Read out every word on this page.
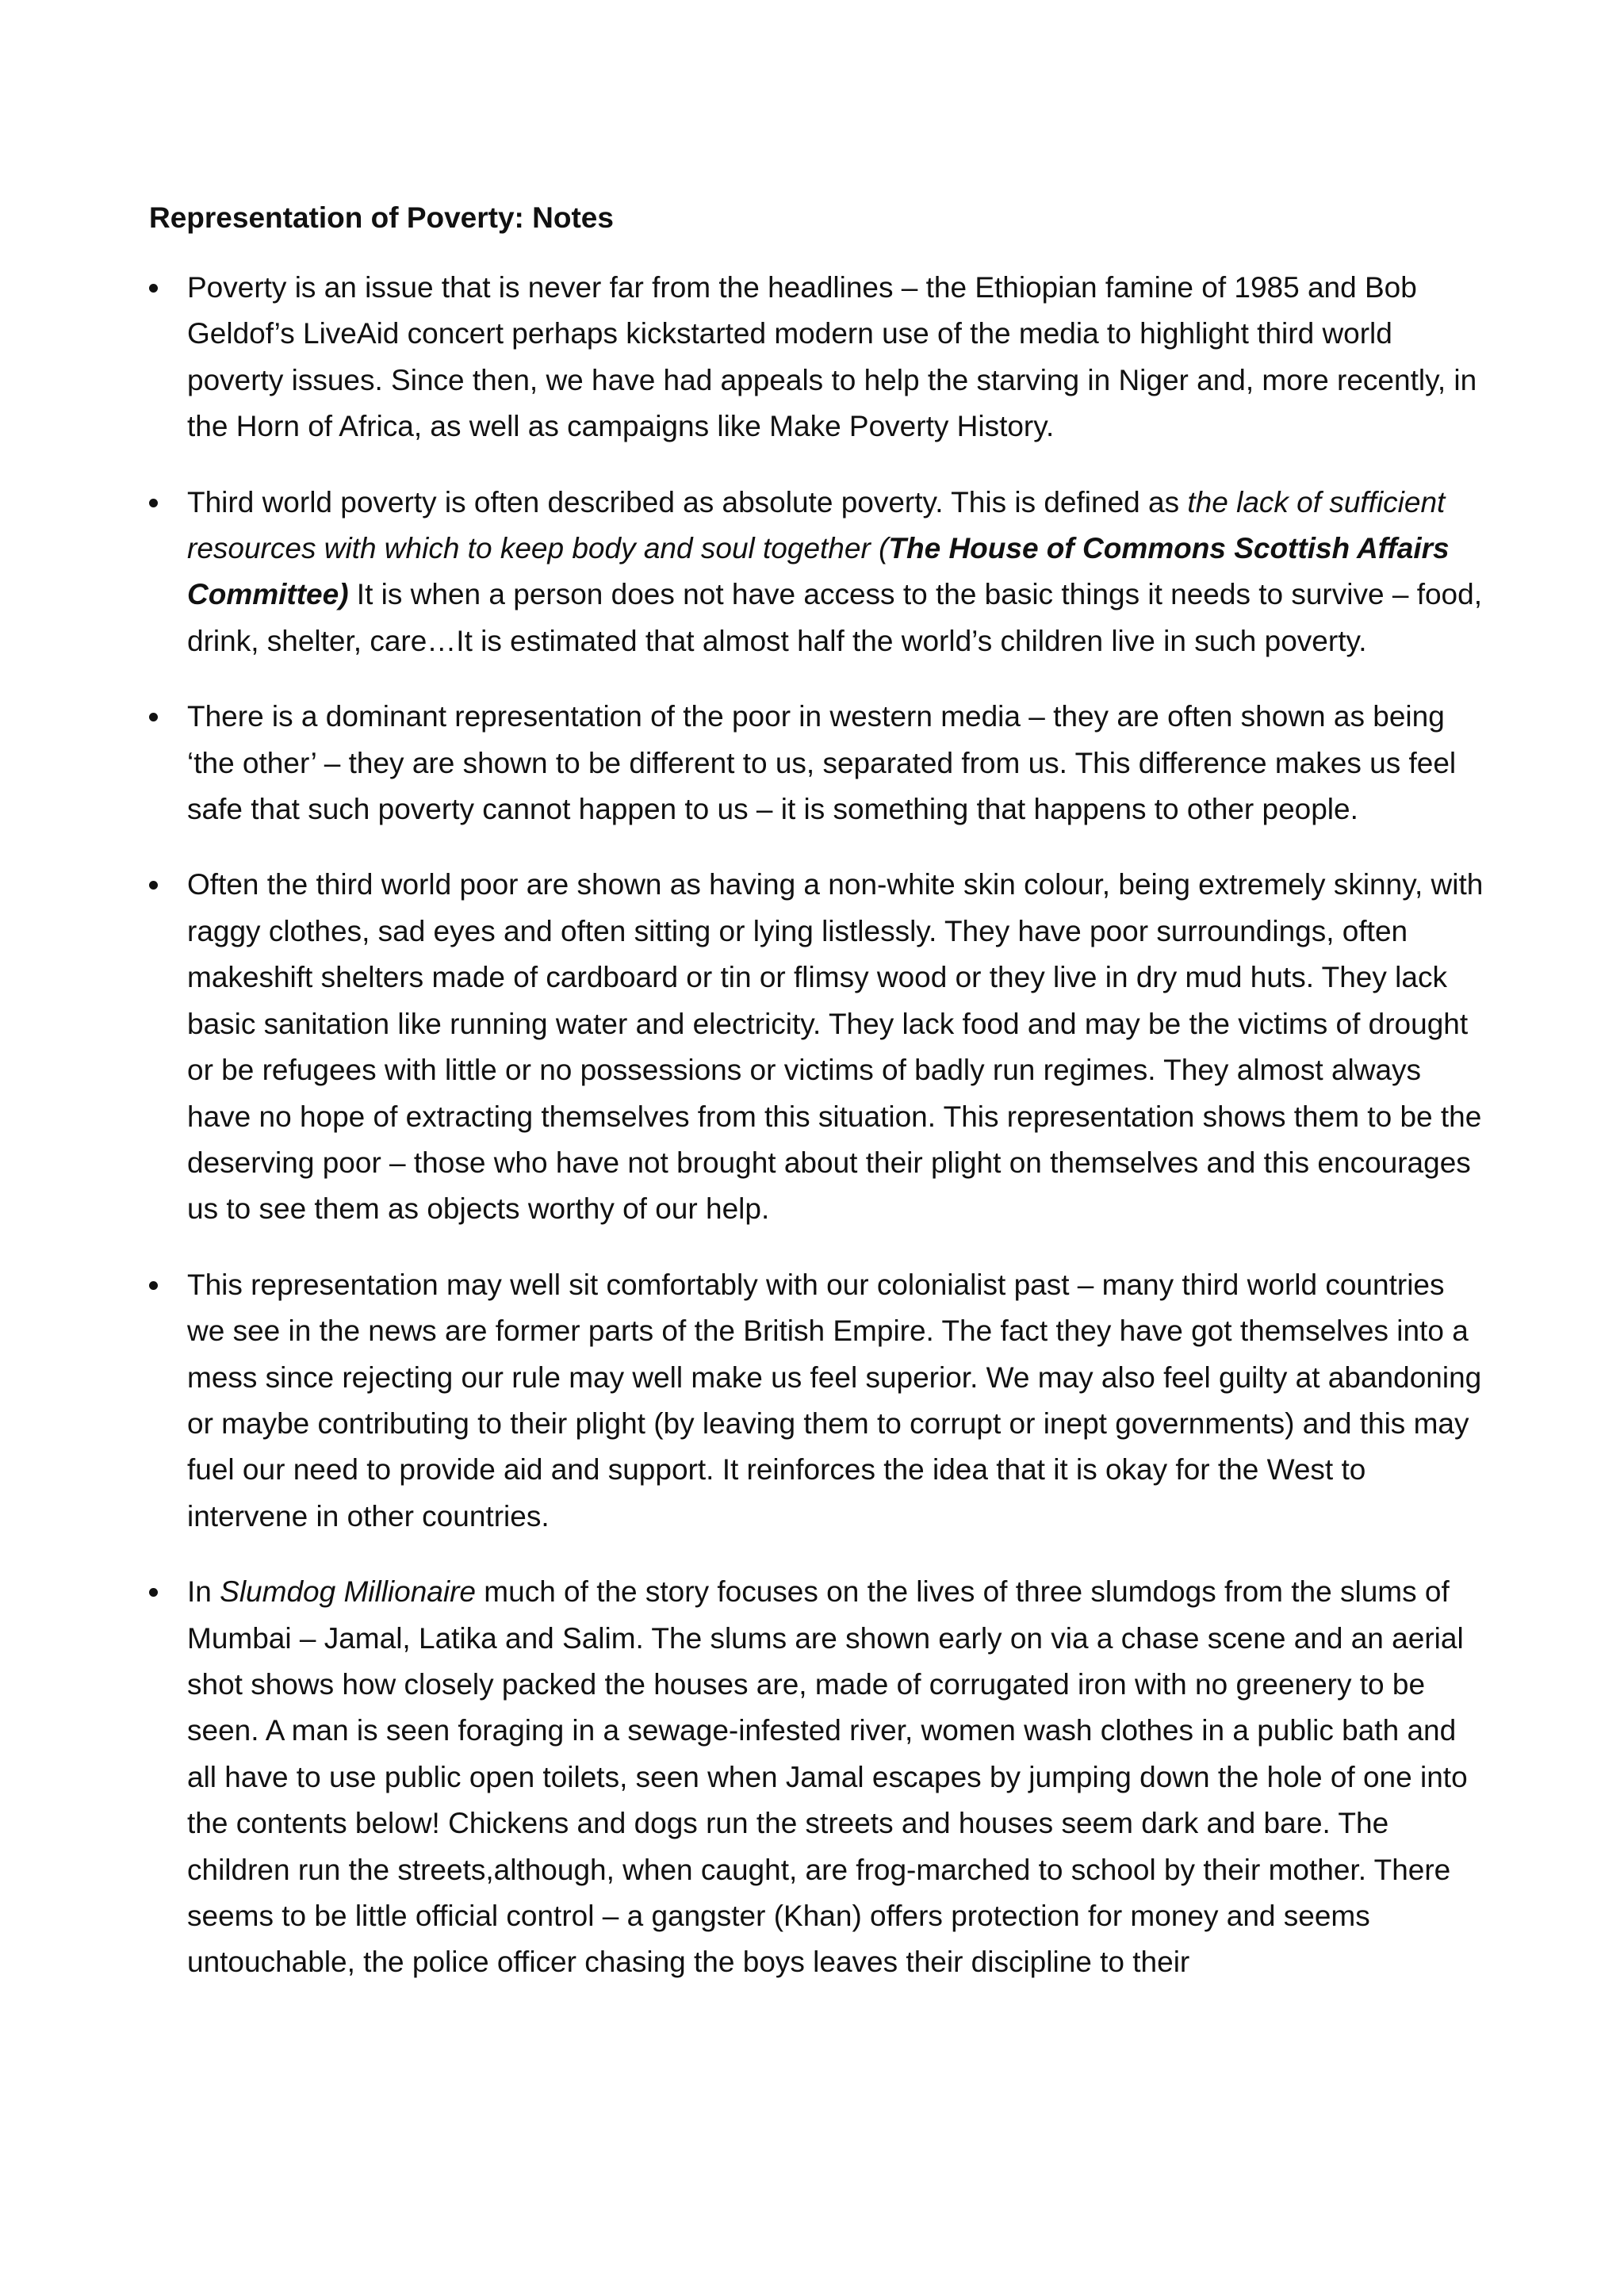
Representation of Poverty: Notes
Poverty is an issue that is never far from the headlines – the Ethiopian famine of 1985 and Bob Geldof’s LiveAid concert perhaps kickstarted modern use of the media to highlight third world poverty issues. Since then, we have had appeals to help the starving in Niger and, more recently, in the Horn of Africa, as well as campaigns like Make Poverty History.
Third world poverty is often described as absolute poverty. This is defined as the lack of sufficient resources with which to keep body and soul together (The House of Commons Scottish Affairs Committee) It is when a person does not have access to the basic things it needs to survive – food, drink, shelter, care…It is estimated that almost half the world’s children live in such poverty.
There is a dominant representation of the poor in western media – they are often shown as being ‘the other’ – they are shown to be different to us, separated from us. This difference makes us feel safe that such poverty cannot happen to us – it is something that happens to other people.
Often the third world poor are shown as having a non-white skin colour, being extremely skinny, with raggy clothes, sad eyes and often sitting or lying listlessly. They have poor surroundings, often makeshift shelters made of cardboard or tin or flimsy wood or they live in dry mud huts. They lack basic sanitation like running water and electricity. They lack food and may be the victims of drought or be refugees with little or no possessions or victims of badly run regimes. They almost always have no hope of extracting themselves from this situation. This representation shows them to be the deserving poor – those who have not brought about their plight on themselves and this encourages us to see them as objects worthy of our help.
This representation may well sit comfortably with our colonialist past – many third world countries we see in the news are former parts of the British Empire. The fact they have got themselves into a mess since rejecting our rule may well make us feel superior. We may also feel guilty at abandoning or maybe contributing to their plight (by leaving them to corrupt or inept governments) and this may fuel our need to provide aid and support. It reinforces the idea that it is okay for the West to intervene in other countries.
In Slumdog Millionaire much of the story focuses on the lives of three slumdogs from the slums of Mumbai – Jamal, Latika and Salim. The slums are shown early on via a chase scene and an aerial shot shows how closely packed the houses are, made of corrugated iron with no greenery to be seen. A man is seen foraging in a sewage-infested river, women wash clothes in a public bath and all have to use public open toilets, seen when Jamal escapes by jumping down the hole of one into the contents below! Chickens and dogs run the streets and houses seem dark and bare. The children run the streets,although, when caught, are frog-marched to school by their mother. There seems to be little official control – a gangster (Khan) offers protection for money and seems untouchable, the police officer chasing the boys leaves their discipline to their
